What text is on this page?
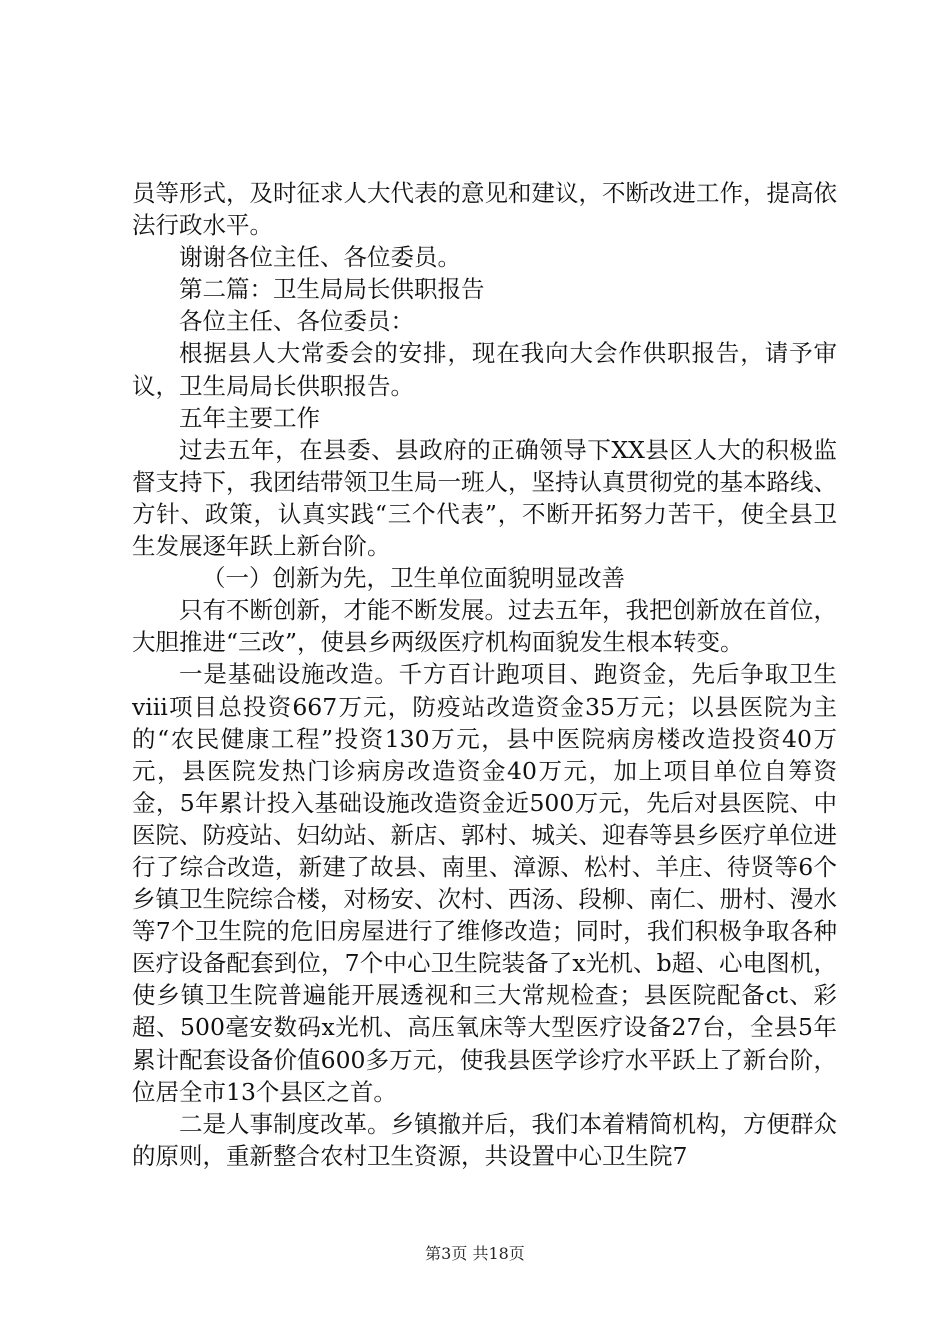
员等形式，及时征求人大代表的意见和建议，不断改进工作，提高依法行政水平。

谢谢各位主任、各位委员。

第二篇：卫生局局长供职报告

各位主任、各位委员：

根据县人大常委会的安排，现在我向大会作供职报告，请予审议，卫生局局长供职报告。

五年主要工作

过去五年，在县委、县政府的正确领导下XX县区人大的积极监督支持下，我团结带领卫生局一班人，坚持认真贯彻党的基本路线、方针、政策，认真实践“三个代表”，不断开拓努力苦干，使全县卫生发展逐年跃上新台阶。

（一）创新为先，卫生单位面貌明显改善

只有不断创新，才能不断发展。过去五年，我把创新放在首位，大胆推进“三改”，使县乡两级医疗机构面貌发生根本转变。

一是基础设施改造。千方百计跑项目、跑资金，先后争取卫生ⅷ项目总投资667万元，防疫站改造资金35万元；以县医院为主的“农民健康工程”投资130万元，县中医院病房楼改造投资40万元，县医院发热门诊病房改造资金40万元，加上项目单位自筹资金，5年累计投入基础设施改造资金近500万元，先后对县医院、中医院、防疫站、妇幼站、新店、郭村、城关、迎春等县乡医疗单位进行了综合改造，新建了故县、南里、漳源、松村、羊庄、待贤等6个乡镇卫生院综合楼，对杨安、次村、西汤、段柳、南仁、册村、漫水等7个卫生院的危旧房屋进行了维修改造；同时，我们积极争取各种医疗设备配套到位，7个中心卫生院装备了x光机、b超、心电图机，使乡镇卫生院普遍能开展透视和三大常规检查；县医院配备ct、彩超、500毫安数码x光机、高压氧床等大型医疗设备27台，全县5年累计配套设备价值600多万元，使我县医学诊疗水平跃上了新台阶，位居全市13个县区之首。

二是人事制度改革。乡镇撤并后，我们本着精简机构，方便群众的原则，重新整合农村卫生资源，共设置中心卫生院7

第3页 共18页
